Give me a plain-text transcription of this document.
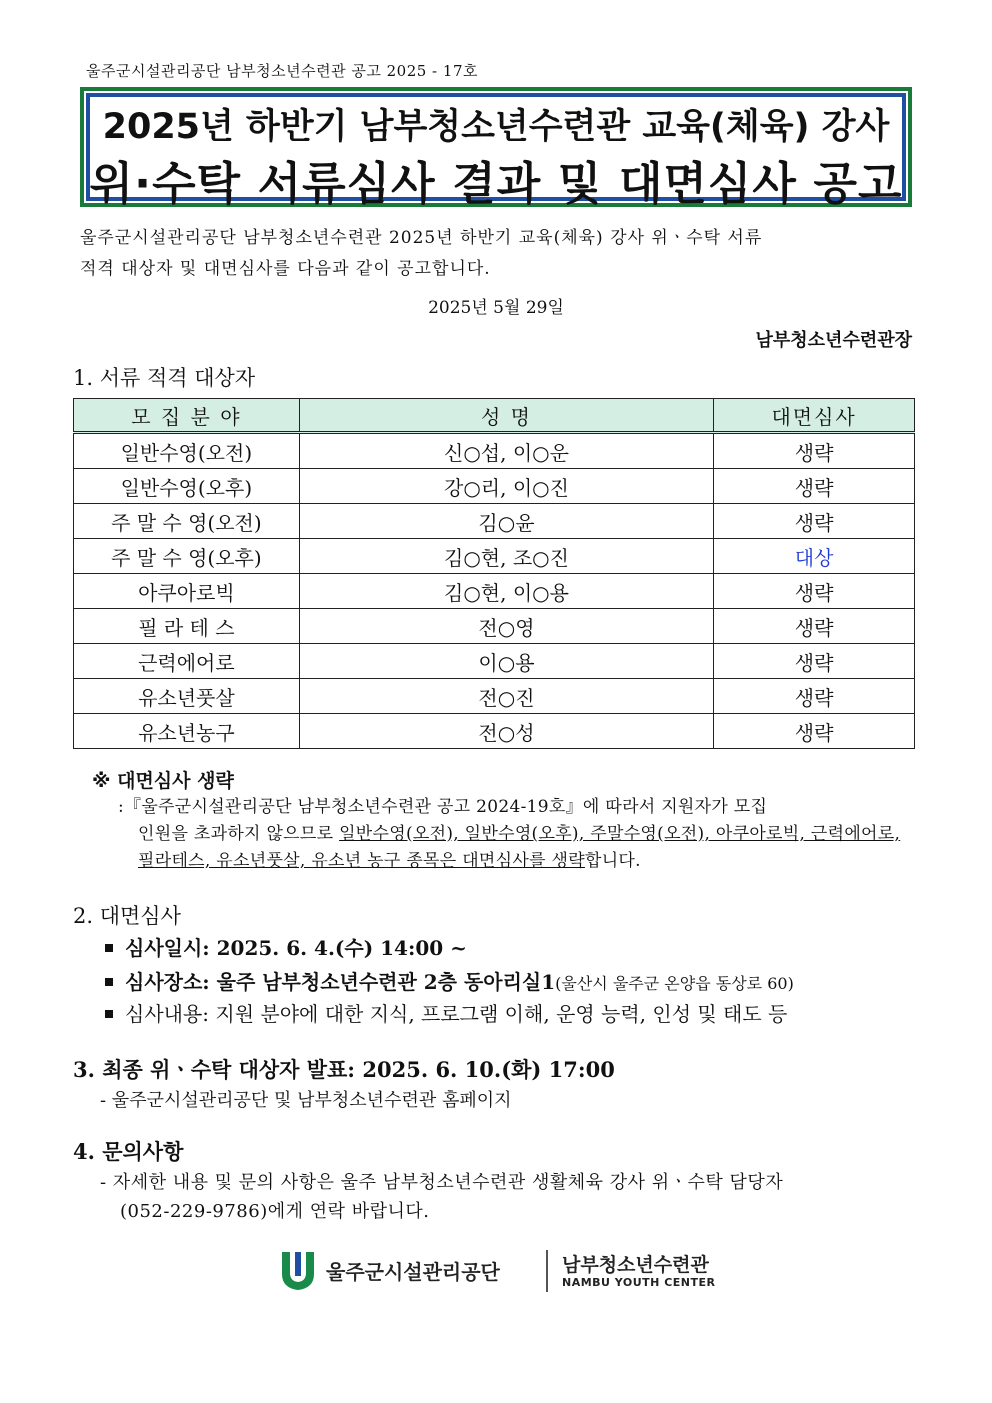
울주군시설관리공단 남부청소년수련관 공고 2025 - 17호
2025년 하반기 남부청소년수련관 교육(체육) 강사
위·수탁 서류심사 결과 및 대면심사 공고
울주군시설관리공단 남부청소년수련관 2025년 하반기 교육(체육) 강사 위ㆍ수탁 서류
적격 대상자 및 대면심사를 다음과 같이 공고합니다.
2025년 5월 29일
남부청소년수련관장
1. 서류 적격 대상자
모 집 분 야	성 명	대면심사
일반수영(오전)	신○섭, 이○운	생략
일반수영(오후)	강○리, 이○진	생략
주 말 수 영(오전)	김○윤	생략
주 말 수 영(오후)	김○현, 조○진	대상
아쿠아로빅	김○현, 이○용	생략
필 라 테 스	전○영	생략
근력에어로	이○용	생략
유소년풋살	전○진	생략
유소년농구	전○성	생략
※ 대면심사 생략
:『울주군시설관리공단 남부청소년수련관 공고 2024-19호』에 따라서 지원자가 모집
인원을 초과하지 않으므로 일반수영(오전), 일반수영(오후), 주말수영(오전), 아쿠아로빅, 근력에어로,
필라테스, 유소년풋살, 유소년 농구 종목은 대면심사를 생략합니다.
2. 대면심사
심사일시: 2025. 6. 4.(수) 14:00 ~
심사장소: 울주 남부청소년수련관 2층 동아리실1(울산시 울주군 온양읍 동상로 60)
심사내용: 지원 분야에 대한 지식, 프로그램 이해, 운영 능력, 인성 및 태도 등
3. 최종 위ㆍ수탁 대상자 발표: 2025. 6. 10.(화) 17:00
- 울주군시설관리공단 및 남부청소년수련관 홈페이지
4. 문의사항
- 자세한 내용 및 문의 사항은 울주 남부청소년수련관 생활체육 강사 위ㆍ수탁 담당자
(052-229-9786)에게 연락 바랍니다.
울주군시설관리공단	남부청소년수련관
NAMBU YOUTH CENTER
